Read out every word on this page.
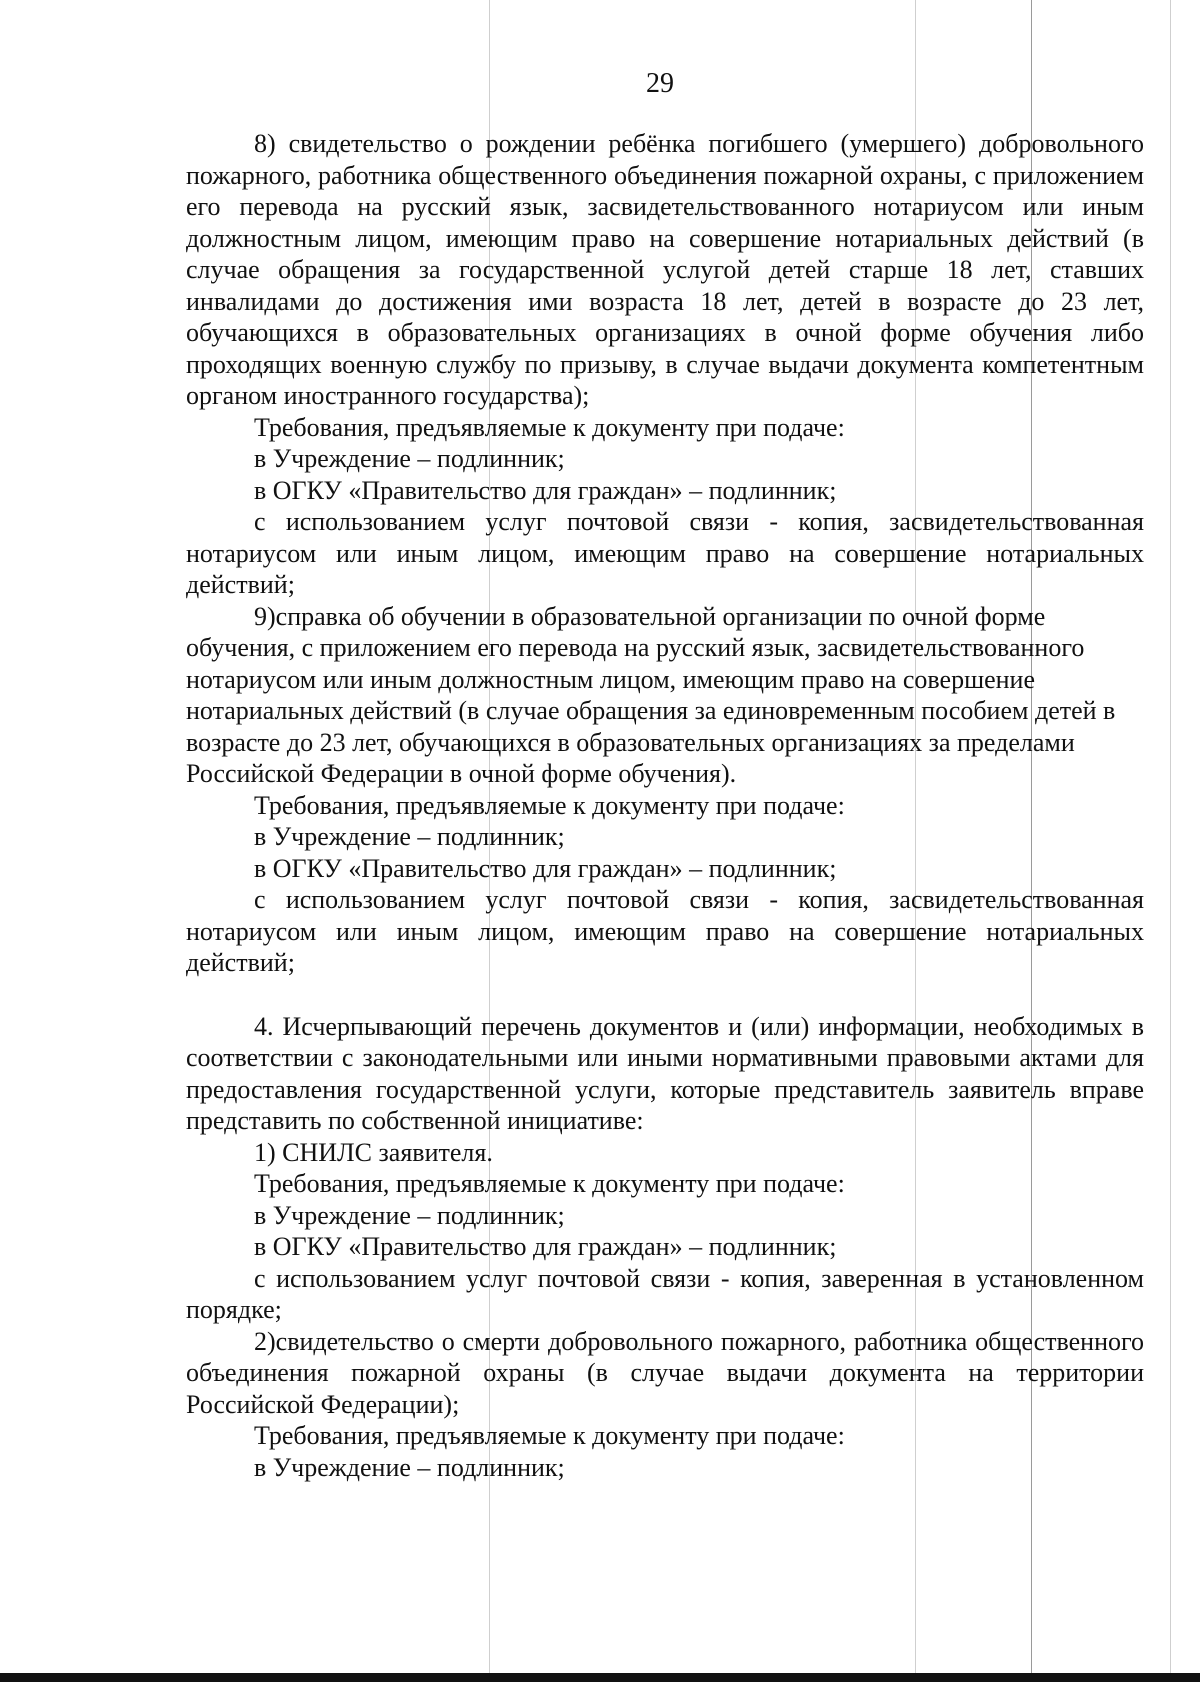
29

8) свидетельство о рождении ребёнка погибшего (умершего) добровольного пожарного, работника общественного объединения пожарной охраны, с приложением его перевода на русский язык, засвидетельствованного нотариусом или иным должностным лицом, имеющим право на совершение нотариальных действий (в случае обращения за государственной услугой детей старше 18 лет, ставших инвалидами до достижения ими возраста 18 лет, детей в возрасте до 23 лет, обучающихся в образовательных организациях в очной форме обучения либо проходящих военную службу по призыву, в случае выдачи документа компетентным органом иностранного государства);

Требования, предъявляемые к документу при подаче:

в Учреждение – подлинник;

в ОГКУ «Правительство для граждан» – подлинник;

с использованием услуг почтовой связи - копия, засвидетельствованная нотариусом или иным лицом, имеющим право на совершение нотариальных действий;

9)справка об обучении в образовательной организации по очной форме обучения, с приложением его перевода на русский язык, засвидетельствованного нотариусом или иным должностным лицом, имеющим право на совершение нотариальных действий (в случае обращения за единовременным пособием детей в возрасте до 23 лет, обучающихся в образовательных организациях за пределами Российской Федерации в очной форме обучения).

Требования, предъявляемые к документу при подаче:

в Учреждение – подлинник;

в ОГКУ «Правительство для граждан» – подлинник;

с использованием услуг почтовой связи - копия, засвидетельствованная нотариусом или иным лицом, имеющим право на совершение нотариальных действий;

4. Исчерпывающий перечень документов и (или) информации, необходимых в соответствии с законодательными или иными нормативными правовыми актами для предоставления государственной услуги, которые представитель заявитель вправе представить по собственной инициативе:

1) СНИЛС заявителя.

Требования, предъявляемые к документу при подаче:

в Учреждение – подлинник;

в ОГКУ «Правительство для граждан» – подлинник;

с использованием услуг почтовой связи - копия, заверенная в установленном порядке;

2)свидетельство о смерти добровольного пожарного, работника общественного объединения пожарной охраны (в случае выдачи документа на территории Российской Федерации);

Требования, предъявляемые к документу при подаче:

в Учреждение – подлинник;
